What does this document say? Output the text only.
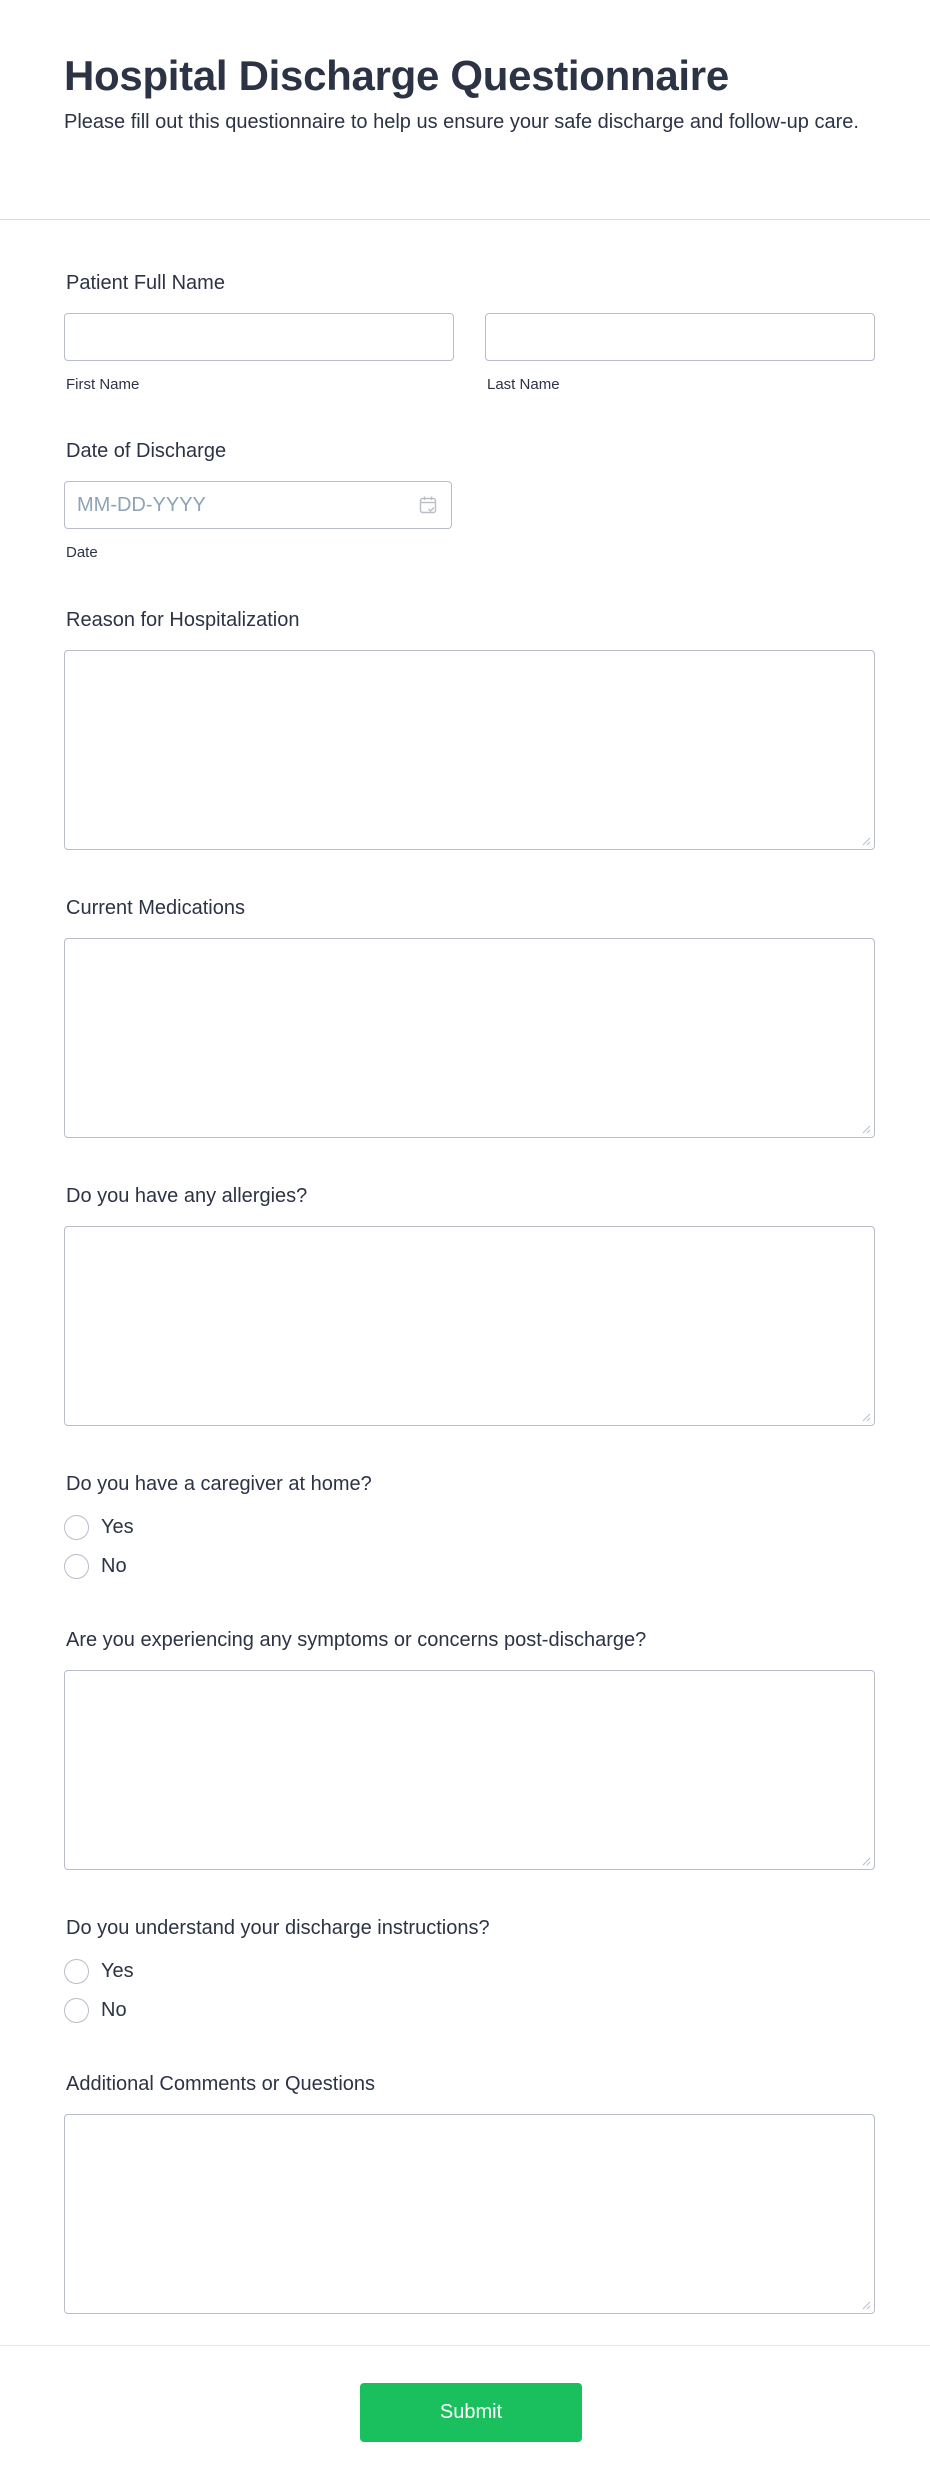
Hospital Discharge Questionnaire

Please fill out this questionnaire to help us ensure your safe discharge and follow-up care.

Patient Full Name
First Name	Last Name
Date of Discharge
MM-DD-YYYY
Date
Reason for Hospitalization
Current Medications
Do you have any allergies?
Do you have a caregiver at home?
Yes
No
Are you experiencing any symptoms or concerns post-discharge?
Do you understand your discharge instructions?
Yes
No
Additional Comments or Questions
Submit
